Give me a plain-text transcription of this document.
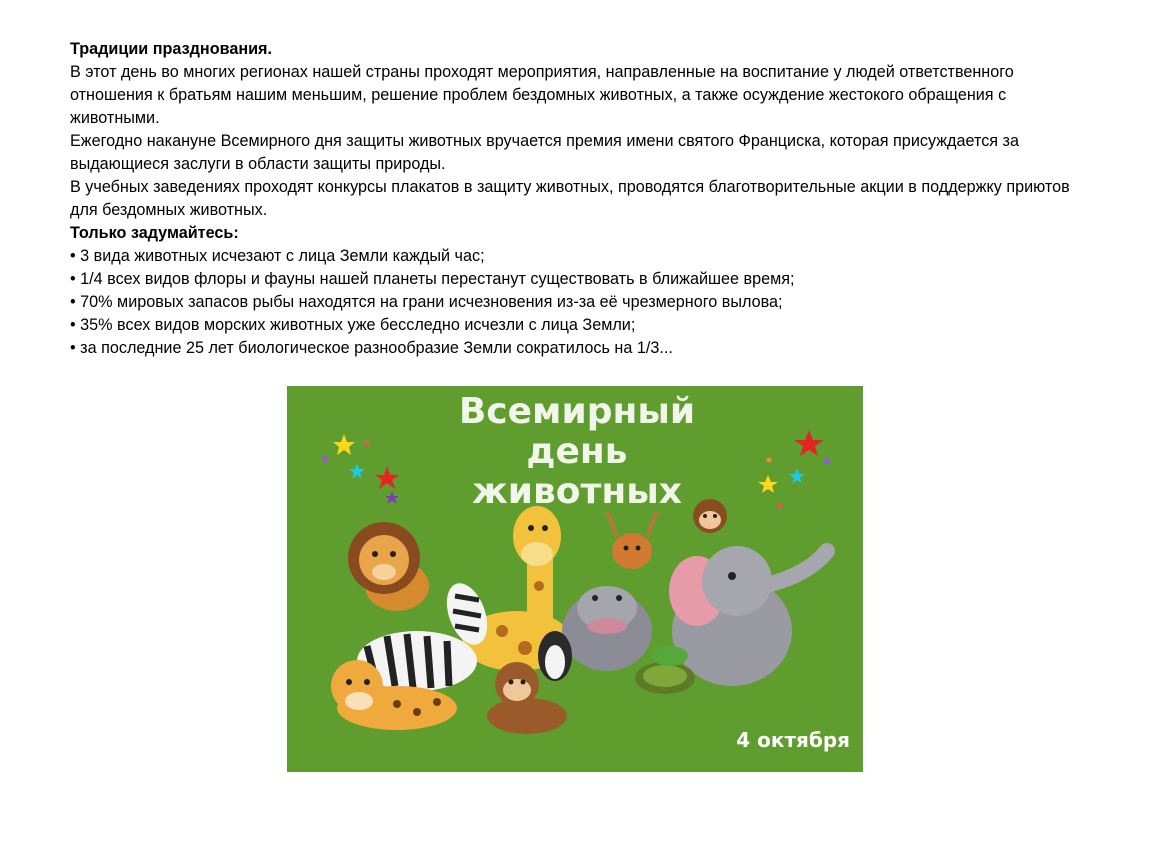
Традиции празднования.

В этот день во многих регионах нашей страны проходят мероприятия, направленные на воспитание у людей ответственного отношения к братьям нашим меньшим, решение проблем бездомных животных, а также осуждение жестокого обращения с животными.

Ежегодно накануне Всемирного дня защиты животных вручается премия имени святого Франциска, которая присуждается за выдающиеся заслуги в области защиты природы.

В учебных заведениях проходят конкурсы плакатов в защиту животных, проводятся благотворительные акции в поддержку приютов для бездомных животных.

Только задумайтесь:

• 3 вида животных исчезают с лица Земли каждый час;

• 1/4 всех видов флоры и фауны нашей планеты перестанут существовать в ближайшее время;

• 70% мировых запасов рыбы находятся на грани исчезновения из-за её чрезмерного вылова;

• 35% всех видов морских животных уже бесследно исчезли с лица Земли;

• за последние 25 лет биологическое разнообразие Земли сократилось на 1/3...

Всемирный
день
животных
4 октября
